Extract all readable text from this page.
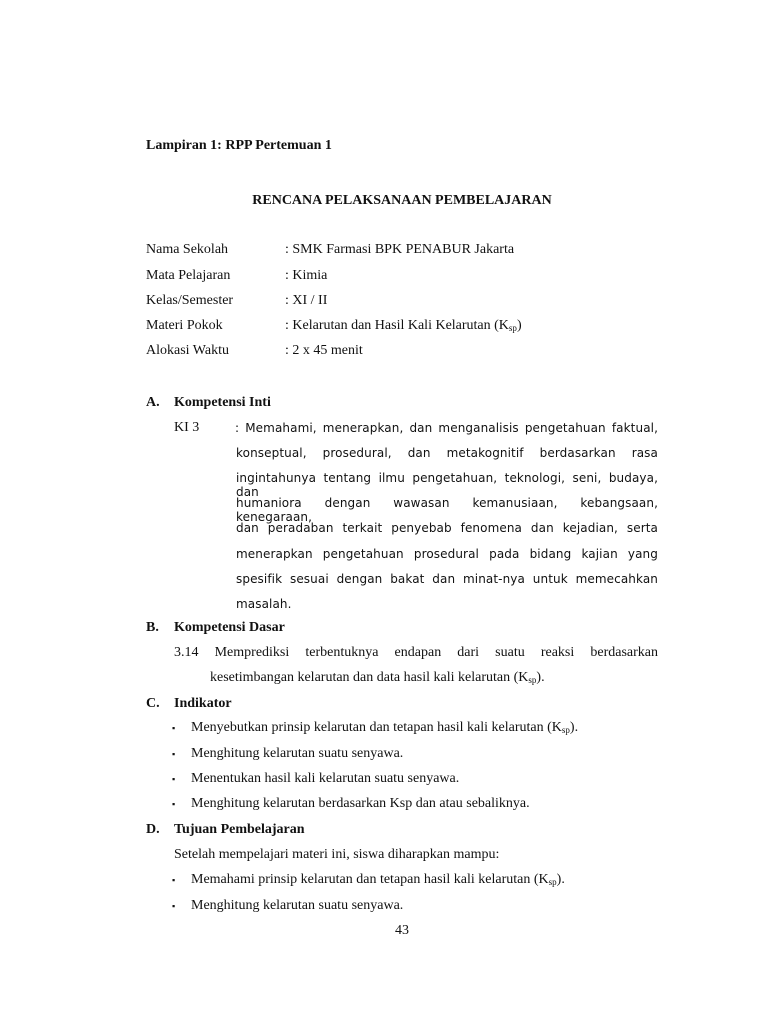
Lampiran 1: RPP Pertemuan 1
RENCANA PELAKSANAAN PEMBELAJARAN
Nama Sekolah	: SMK Farmasi BPK PENABUR Jakarta
Mata Pelajaran	: Kimia
Kelas/Semester	: XI / II
Materi Pokok	: Kelarutan dan Hasil Kali Kelarutan $(K_{sp})$
Alokasi Waktu	: 2 x 45 menit
A. Kompetensi Inti
KI 3	: Memahami, menerapkan, dan menganalisis pengetahuan faktual,
konseptual, prosedural, dan metakognitif berdasarkan rasa
ingintahunya tentang ilmu pengetahuan, teknologi, seni, budaya, dan
humaniora dengan wawasan kemanusiaan, kebangsaan, kenegaraan,
dan peradaban terkait penyebab fenomena dan kejadian, serta
menerapkan pengetahuan prosedural pada bidang kajian yang
spesifik sesuai dengan bakat dan minat-nya untuk memecahkan
masalah.
B. Kompetensi Dasar
3.14 Memprediksi terbentuknya endapan dari suatu reaksi berdasarkan
kesetimbangan kelarutan dan data hasil kali kelarutan $(K_{sp})$.
C. Indikator
▪ Menyebutkan prinsip kelarutan dan tetapan hasil kali kelarutan $(K_{sp})$.
▪ Menghitung kelarutan suatu senyawa.
▪ Menentukan hasil kali kelarutan suatu senyawa.
▪ Menghitung kelarutan berdasarkan Ksp dan atau sebaliknya.
D. Tujuan Pembelajaran
Setelah mempelajari materi ini, siswa diharapkan mampu:
▪ Memahami prinsip kelarutan dan tetapan hasil kali kelarutan $(K_{sp})$.
▪ Menghitung kelarutan suatu senyawa.
43
